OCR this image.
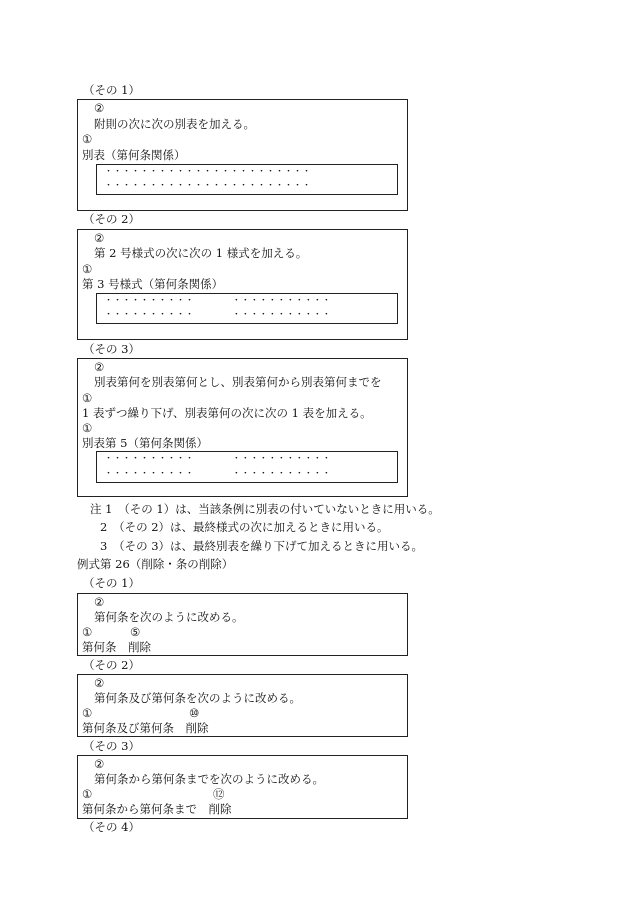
（その 1）
②
附則の次に次の別表を加える。
①
別表（第何条関係）
・・・・・・・・・・・・・・・・・・・・・・・
・・・・・・・・・・・・・・・・・・・・・・・
（その 2）
②
第 2 号様式の次に次の 1 様式を加える。
①
第 3 号様式（第何条関係）
・・・・・・・・・・       ・・・・・・・・・・・
・・・・・・・・・・       ・・・・・・・・・・・
（その 3）
②
別表第何を別表第何とし、別表第何から別表第何までを
①
1 表ずつ繰り下げ、別表第何の次に次の 1 表を加える。
①
別表第 5（第何条関係）
・・・・・・・・・・       ・・・・・・・・・・・
・・・・・・・・・・       ・・・・・・・・・・・
注 1　（その 1）は、当該条例に別表の付いていないときに用いる。
2　（その 2）は、最終様式の次に加えるときに用いる。
3　（その 3）は、最終別表を繰り下げて加えるときに用いる。
例式第 26（削除・条の削除）
（その 1）
②
第何条を次のように改める。
①	⑤
第何条　削除
（その 2）
②
第何条及び第何条を次のように改める。
①	⑩
第何条及び第何条　削除
（その 3）
②
第何条から第何条までを次のように改める。
①	⑫
第何条から第何条まで　削除
（その 4）
